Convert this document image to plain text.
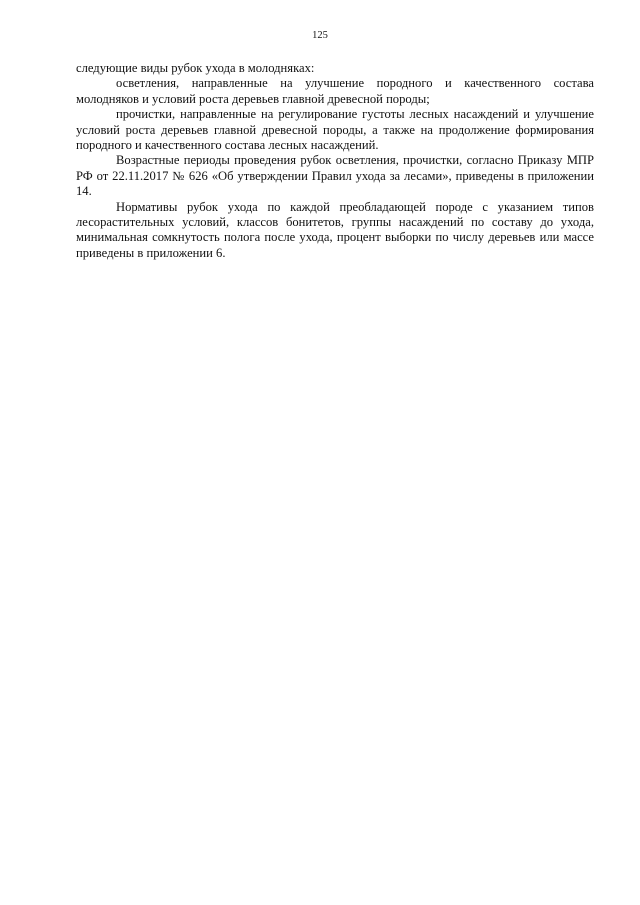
125

следующие виды рубок ухода в молодняках:

осветления, направленные на улучшение породного и качественного состава молодняков и условий роста деревьев главной древесной породы;

прочистки, направленные на регулирование густоты лесных насаждений и улучшение условий роста деревьев главной древесной породы, а также на продолжение формирования породного и качественного состава лесных насаждений.

Возрастные периоды проведения рубок осветления, прочистки, согласно Приказу МПР РФ от 22.11.2017 № 626 «Об утверждении Правил ухода за лесами», приведены в приложении 14.

Нормативы рубок ухода по каждой преобладающей породе с указанием типов лесорастительных условий, классов бонитетов, группы насаждений по составу до ухода, минимальная сомкнутость полога после ухода, процент выборки по числу деревьев или массе приведены в приложении 6.
